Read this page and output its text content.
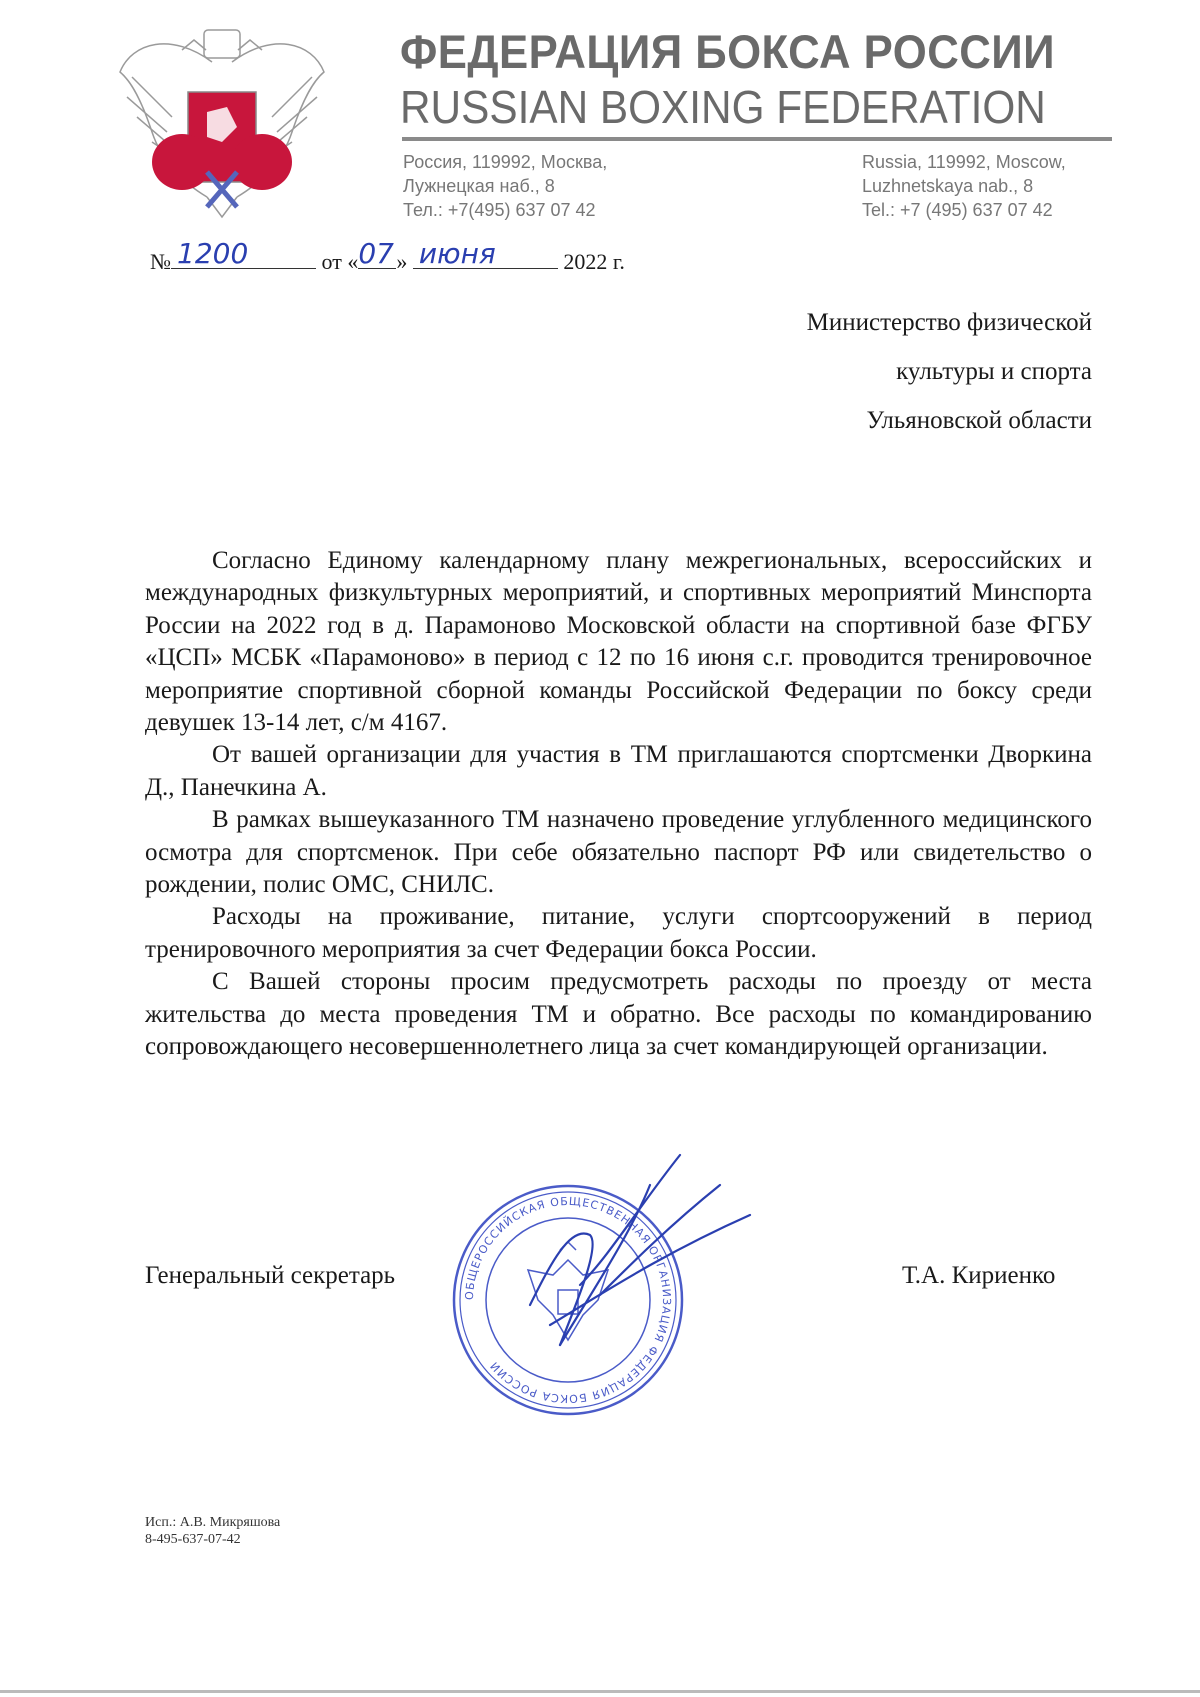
ФЕДЕРАЦИЯ БОКСА РОССИИ
RUSSIAN BOXING FEDERATION
Россия, 119992, Москва,
Лужнецкая наб., 8
Тел.: +7(495) 637 07 42
Russia, 119992, Moscow,
Luzhnetskaya nab., 8
Tel.: +7 (495) 637 07 42
№ 1200	от « 07 » июня	2022 г.
Министерство физической
культуры и спорта
Ульяновской области

Согласно Единому календарному плану межрегиональных, всероссийских и международных физкультурных мероприятий, и спортивных мероприятий Минспорта России на 2022 год в д. Парамоново Московской области на спортивной базе ФГБУ «ЦСП» МСБК «Парамоново» в период с 12 по 16 июня с.г. проводится тренировочное мероприятие спортивной сборной команды Российской Федерации по боксу среди девушек 13-14 лет, с/м 4167.

От вашей организации для участия в ТМ приглашаются спортсменки Дворкина Д., Панечкина А.

В рамках вышеуказанного ТМ назначено проведение углубленного медицинского осмотра для спортсменок. При себе обязательно паспорт РФ или свидетельство о рождении, полис ОМС, СНИЛС.

Расходы на проживание, питание, услуги спортсооружений в период тренировочного мероприятия за счет Федерации бокса России.

С Вашей стороны просим предусмотреть расходы по проезду от места жительства до места проведения ТМ и обратно. Все расходы по командированию сопровождающего несовершеннолетнего лица за счет командирующей организации.

Генеральный секретарь	Т.А. Кириенко
ОБЩЕРОССИЙСКАЯ ОБЩЕСТВЕННАЯ ОРГАНИЗАЦИЯ ФЕДЕРАЦИЯ БОКСА РОССИИ
Исп.: А.В. Микряшова
8-495-637-07-42
